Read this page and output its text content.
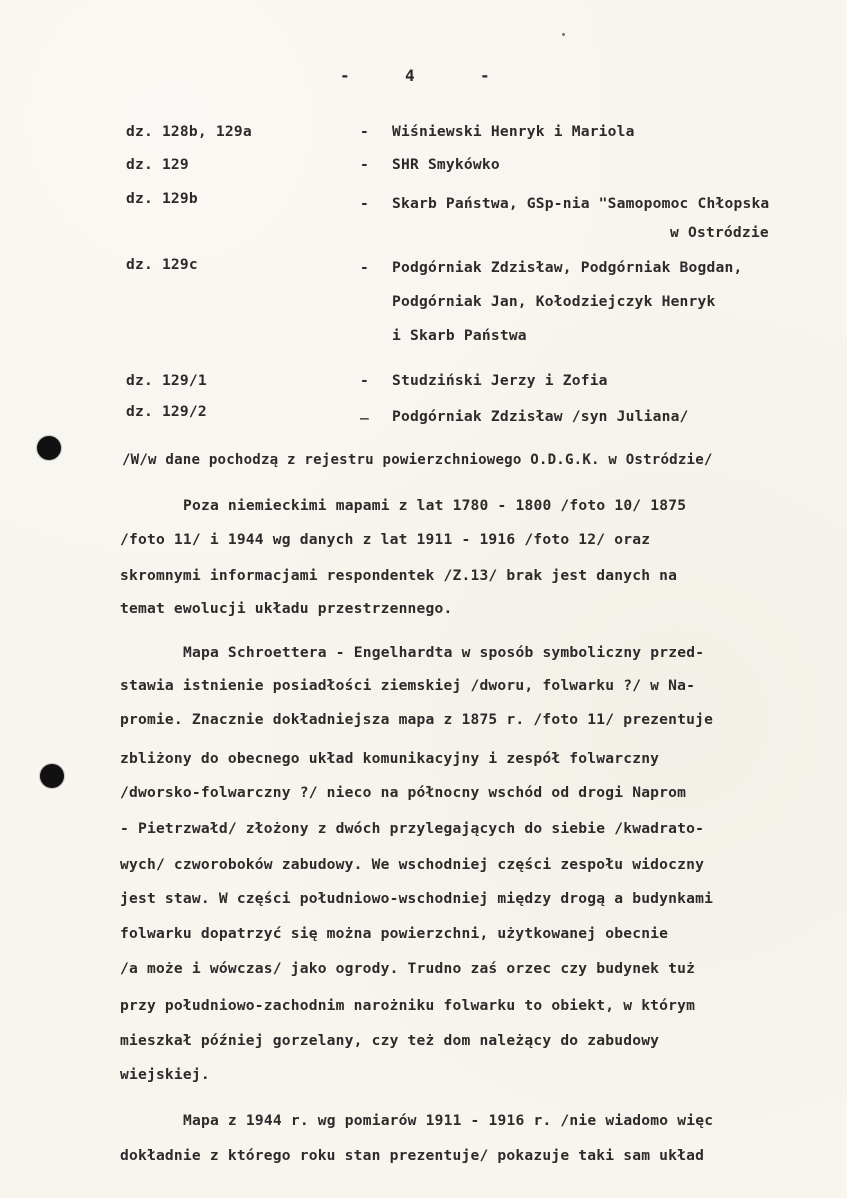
-	4	-
dz. 128b, 129a	- Wiśniewski Henryk i Mariola
dz. 129	- SHR Smykówko
dz. 129b	- Skarb Państwa, GSp-nia "Samopomoc Chłopska
w Ostródzie
dz. 129c	- Podgórniak Zdzisław, Podgórniak Bogdan,
Podgórniak Jan, Kołodziejczyk Henryk
i Skarb Państwa
dz. 129/1	- Studziński Jerzy i Zofia
dz. 129/2	_ Podgórniak Zdzisław /syn Juliana/
/W/w dane pochodzą z rejestru powierzchniowego O.D.G.K. w Ostródzie/
Poza niemieckimi mapami z lat 1780 - 1800 /foto 10/ 1875
/foto 11/ i 1944 wg danych z lat 1911 - 1916 /foto 12/ oraz
skromnymi informacjami respondentek /Z.13/ brak jest danych na
temat ewolucji układu przestrzennego.
Mapa Schroettera - Engelhardta w sposób symboliczny przed-
stawia istnienie posiadłości ziemskiej /dworu, folwarku ?/ w Na-
promie. Znacznie dokładniejsza mapa z 1875 r. /foto 11/ prezentuje
zbliżony do obecnego układ komunikacyjny i zespół folwarczny
/dworsko-folwarczny ?/ nieco na północny wschód od drogi Naprom
- Pietrzwałd/ złożony z dwóch przylegających do siebie /kwadrato-
wych/ czworoboków zabudowy. We wschodniej części zespołu widoczny
jest staw. W części południowo-wschodniej między drogą a budynkami
folwarku dopatrzyć się można powierzchni, użytkowanej obecnie
/a może i wówczas/ jako ogrody. Trudno zaś orzec czy budynek tuż
przy południowo-zachodnim narożniku folwarku to obiekt, w którym
mieszkał później gorzelany, czy też dom należący do zabudowy
wiejskiej.
Mapa z 1944 r. wg pomiarów 1911 - 1916 r. /nie wiadomo więc
dokładnie z którego roku stan prezentuje/ pokazuje taki sam układ
